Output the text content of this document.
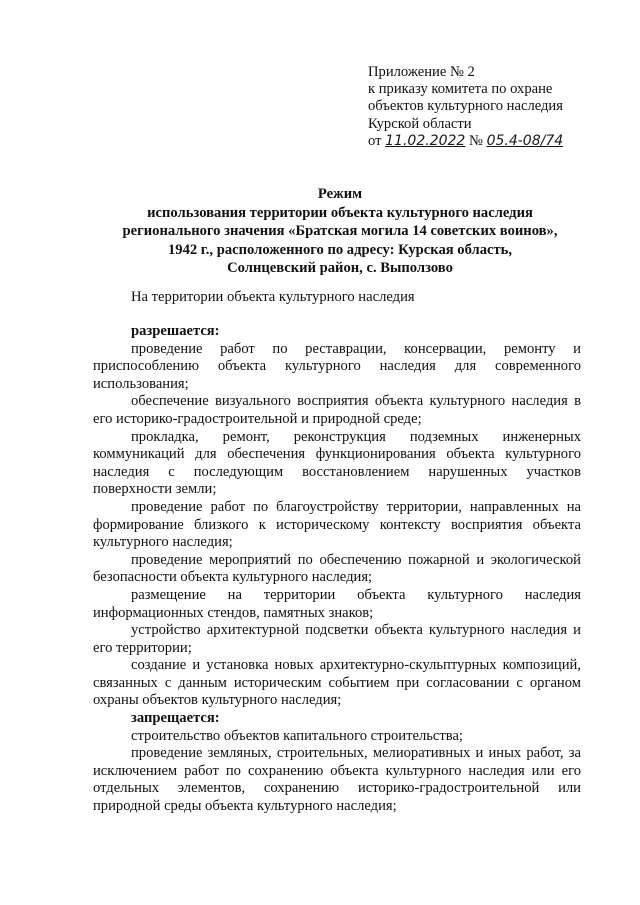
Приложение № 2
к приказу комитета по охране
объектов культурного наследия
Курской области
от 11.02.2022 № 05.4-08/74
Режим
использования территории объекта культурного наследия
регионального значения «Братская могила 14 советских воинов»,
1942 г., расположенного по адресу: Курская область,
Солнцевский район, с. Выползово

На территории объекта культурного наследия

разрешается:

проведение работ по реставрации, консервации, ремонту и приспособлению объекта культурного наследия для современного использования;

обеспечение визуального восприятия объекта культурного наследия в его историко-градостроительной и природной среде;

прокладка, ремонт, реконструкция подземных инженерных коммуникаций для обеспечения функционирования объекта культурного наследия с последующим восстановлением нарушенных участков поверхности земли;

проведение работ по благоустройству территории, направленных на формирование близкого к историческому контексту восприятия объекта культурного наследия;

проведение мероприятий по обеспечению пожарной и экологической безопасности объекта культурного наследия;

размещение на территории объекта культурного наследия информационных стендов, памятных знаков;

устройство архитектурной подсветки объекта культурного наследия и его территории;

создание и установка новых архитектурно-скульптурных композиций, связанных с данным историческим событием при согласовании с органом охраны объектов культурного наследия;

запрещается:

строительство объектов капитального строительства;

проведение земляных, строительных, мелиоративных и иных работ, за исключением работ по сохранению объекта культурного наследия или его отдельных элементов, сохранению историко-градостроительной или природной среды объекта культурного наследия;
